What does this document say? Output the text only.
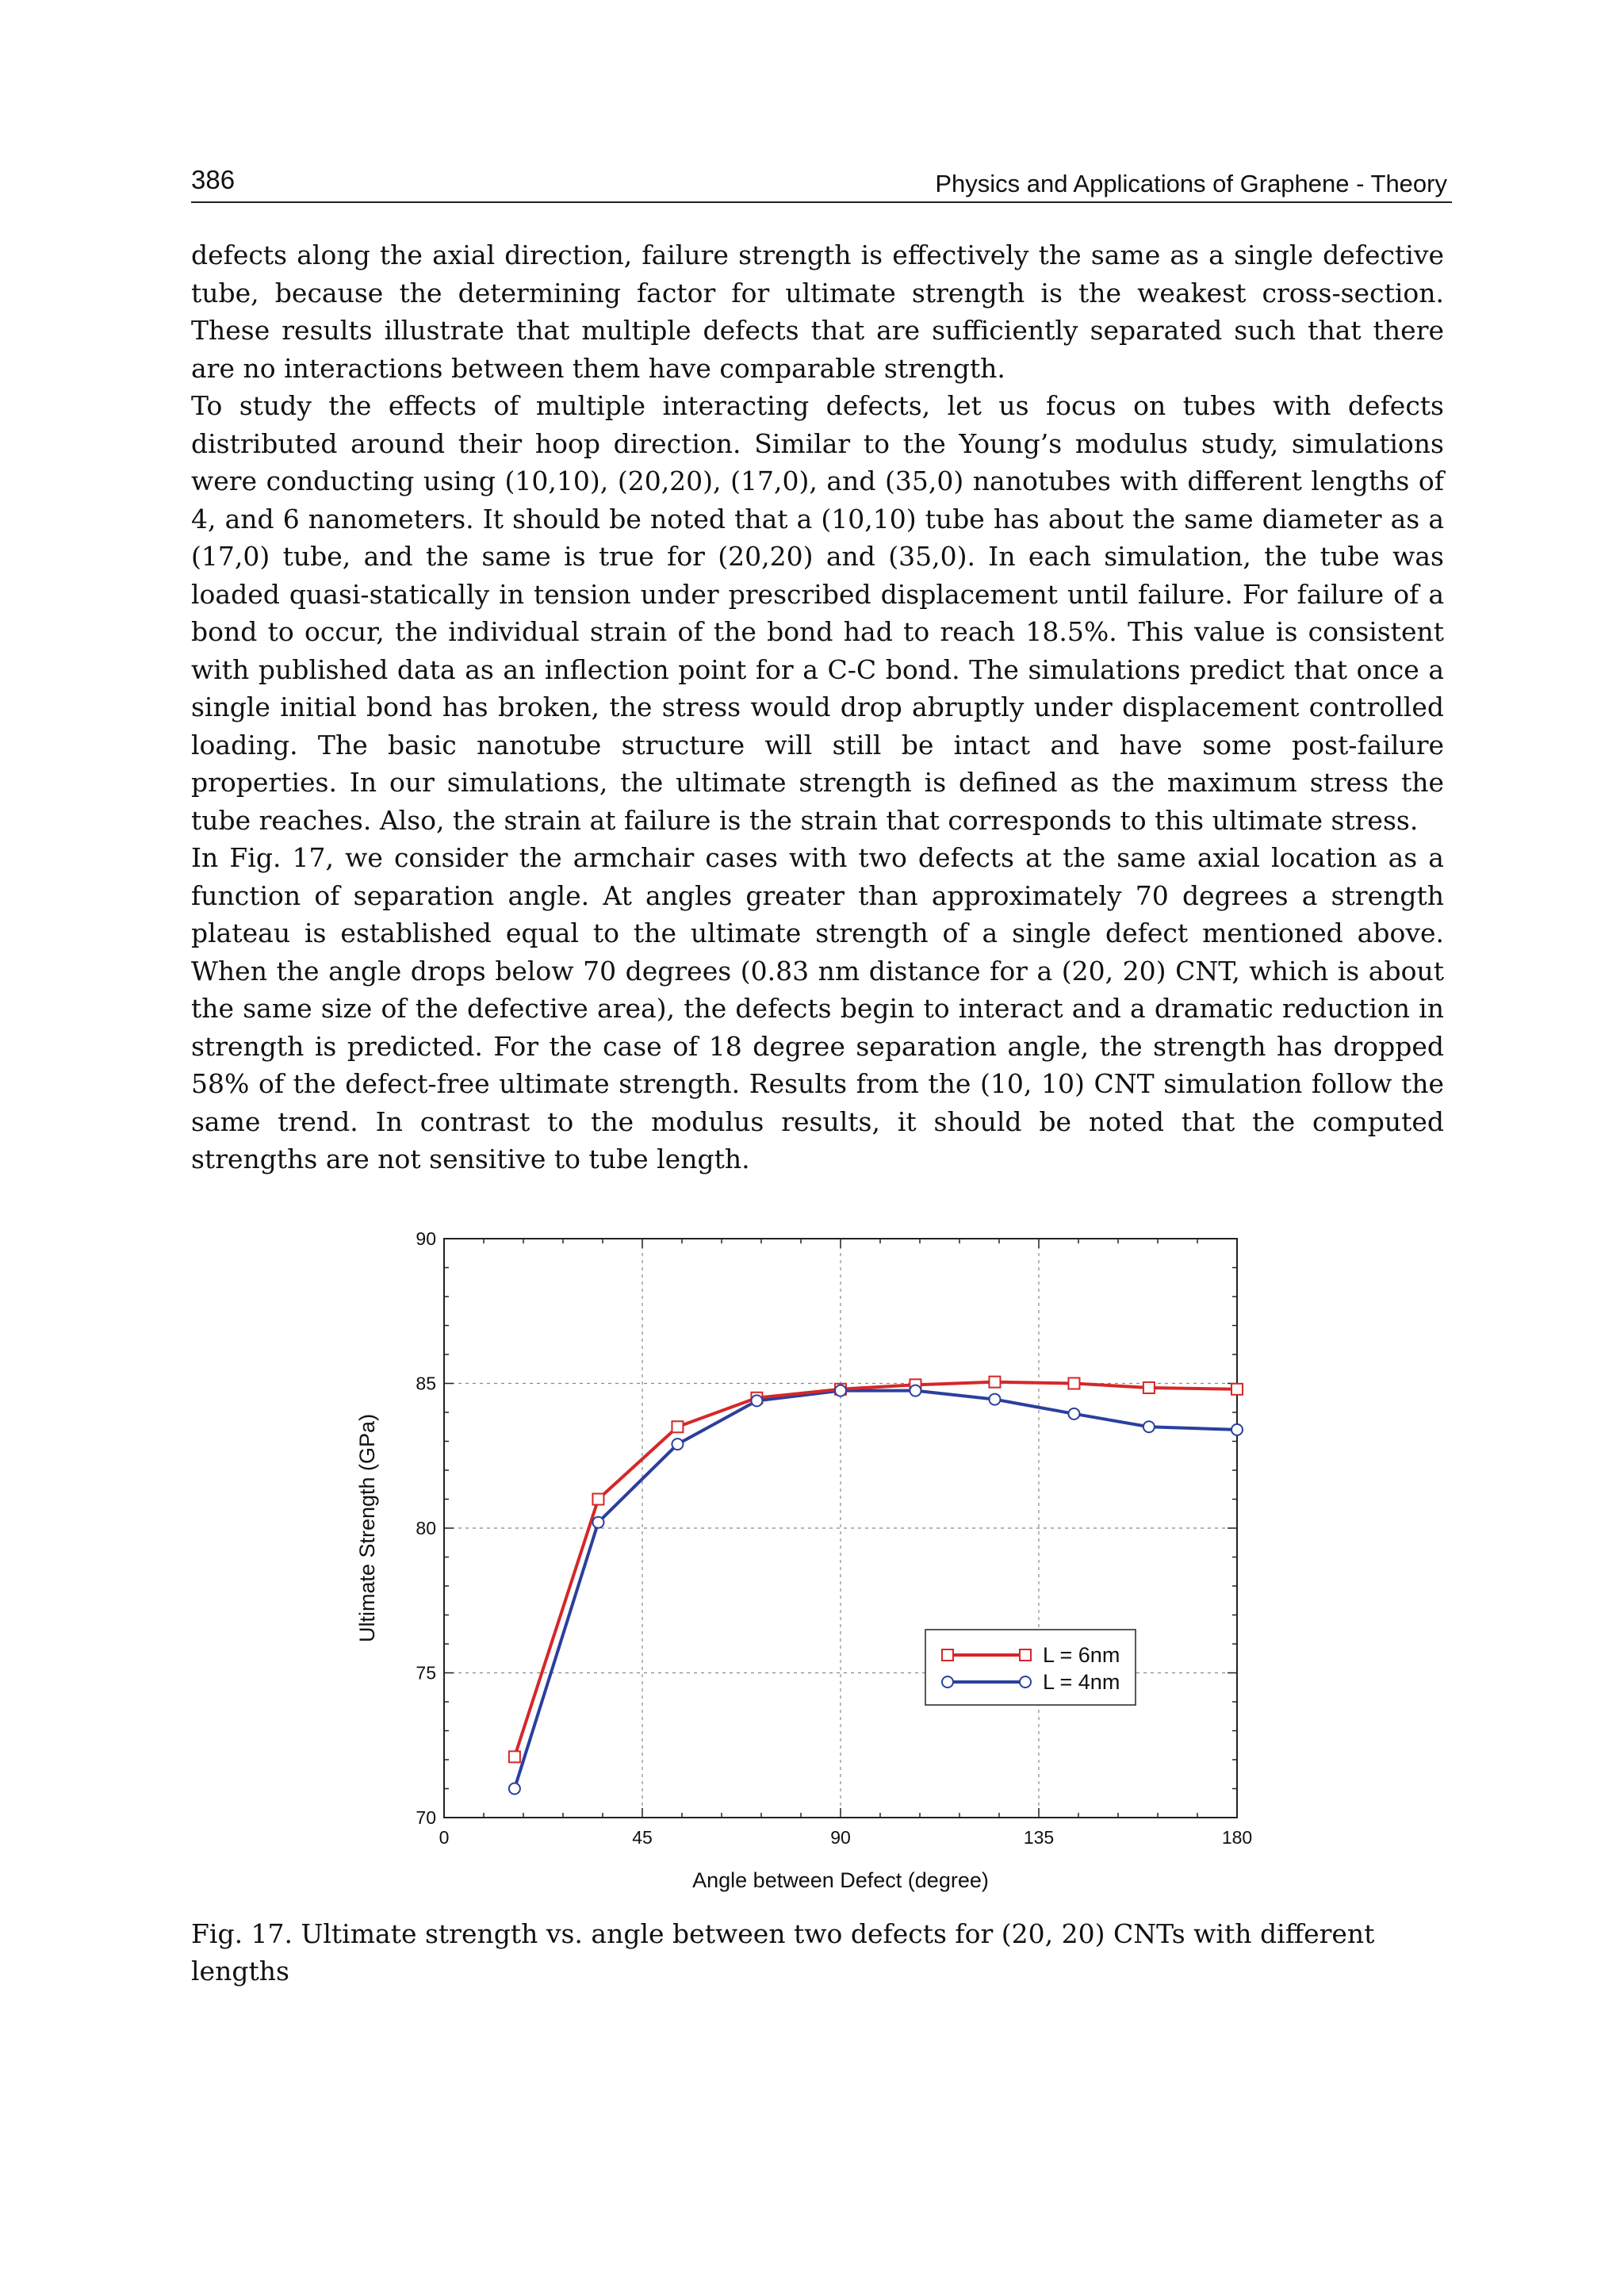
386	Physics and Applications of Graphene - Theory

defects along the axial direction, failure strength is effectively the same as a single defective tube, because the determining factor for ultimate strength is the weakest cross-section. These results illustrate that multiple defects that are sufficiently separated such that there are no interactions between them have comparable strength.

To study the effects of multiple interacting defects, let us focus on tubes with defects distributed around their hoop direction. Similar to the Young’s modulus study, simulations were conducting using (10,10), (20,20), (17,0), and (35,0) nanotubes with different lengths of 4, and 6 nanometers. It should be noted that a (10,10) tube has about the same diameter as a (17,0) tube, and the same is true for (20,20) and (35,0). In each simulation, the tube was loaded quasi-statically in tension under prescribed displacement until failure. For failure of a bond to occur, the individual strain of the bond had to reach 18.5%. This value is consistent with published data as an inflection point for a C-C bond. The simulations predict that once a single initial bond has broken, the stress would drop abruptly under displacement controlled loading. The basic nanotube structure will still be intact and have some post-failure properties. In our simulations, the ultimate strength is defined as the maximum stress the tube reaches. Also, the strain at failure is the strain that corresponds to this ultimate stress.

In Fig. 17, we consider the armchair cases with two defects at the same axial location as a function of separation angle. At angles greater than approximately 70 degrees a strength plateau is established equal to the ultimate strength of a single defect mentioned above. When the angle drops below 70 degrees (0.83 nm distance for a (20, 20) CNT, which is about the same size of the defective area), the defects begin to interact and a dramatic reduction in strength is predicted. For the case of 18 degree separation angle, the strength has dropped 58% of the defect-free ultimate strength. Results from the (10, 10) CNT simulation follow the same trend. In contrast to the modulus results, it should be noted that the computed strengths are not sensitive to tube length.

0	45	90	135	180
70
75
80
85
90
Angle between Defect (degree)
Ultimate Strength (GPa)
L = 6nm
L = 4nm
Fig. 17. Ultimate strength vs. angle between two defects for (20, 20) CNTs with different lengths
